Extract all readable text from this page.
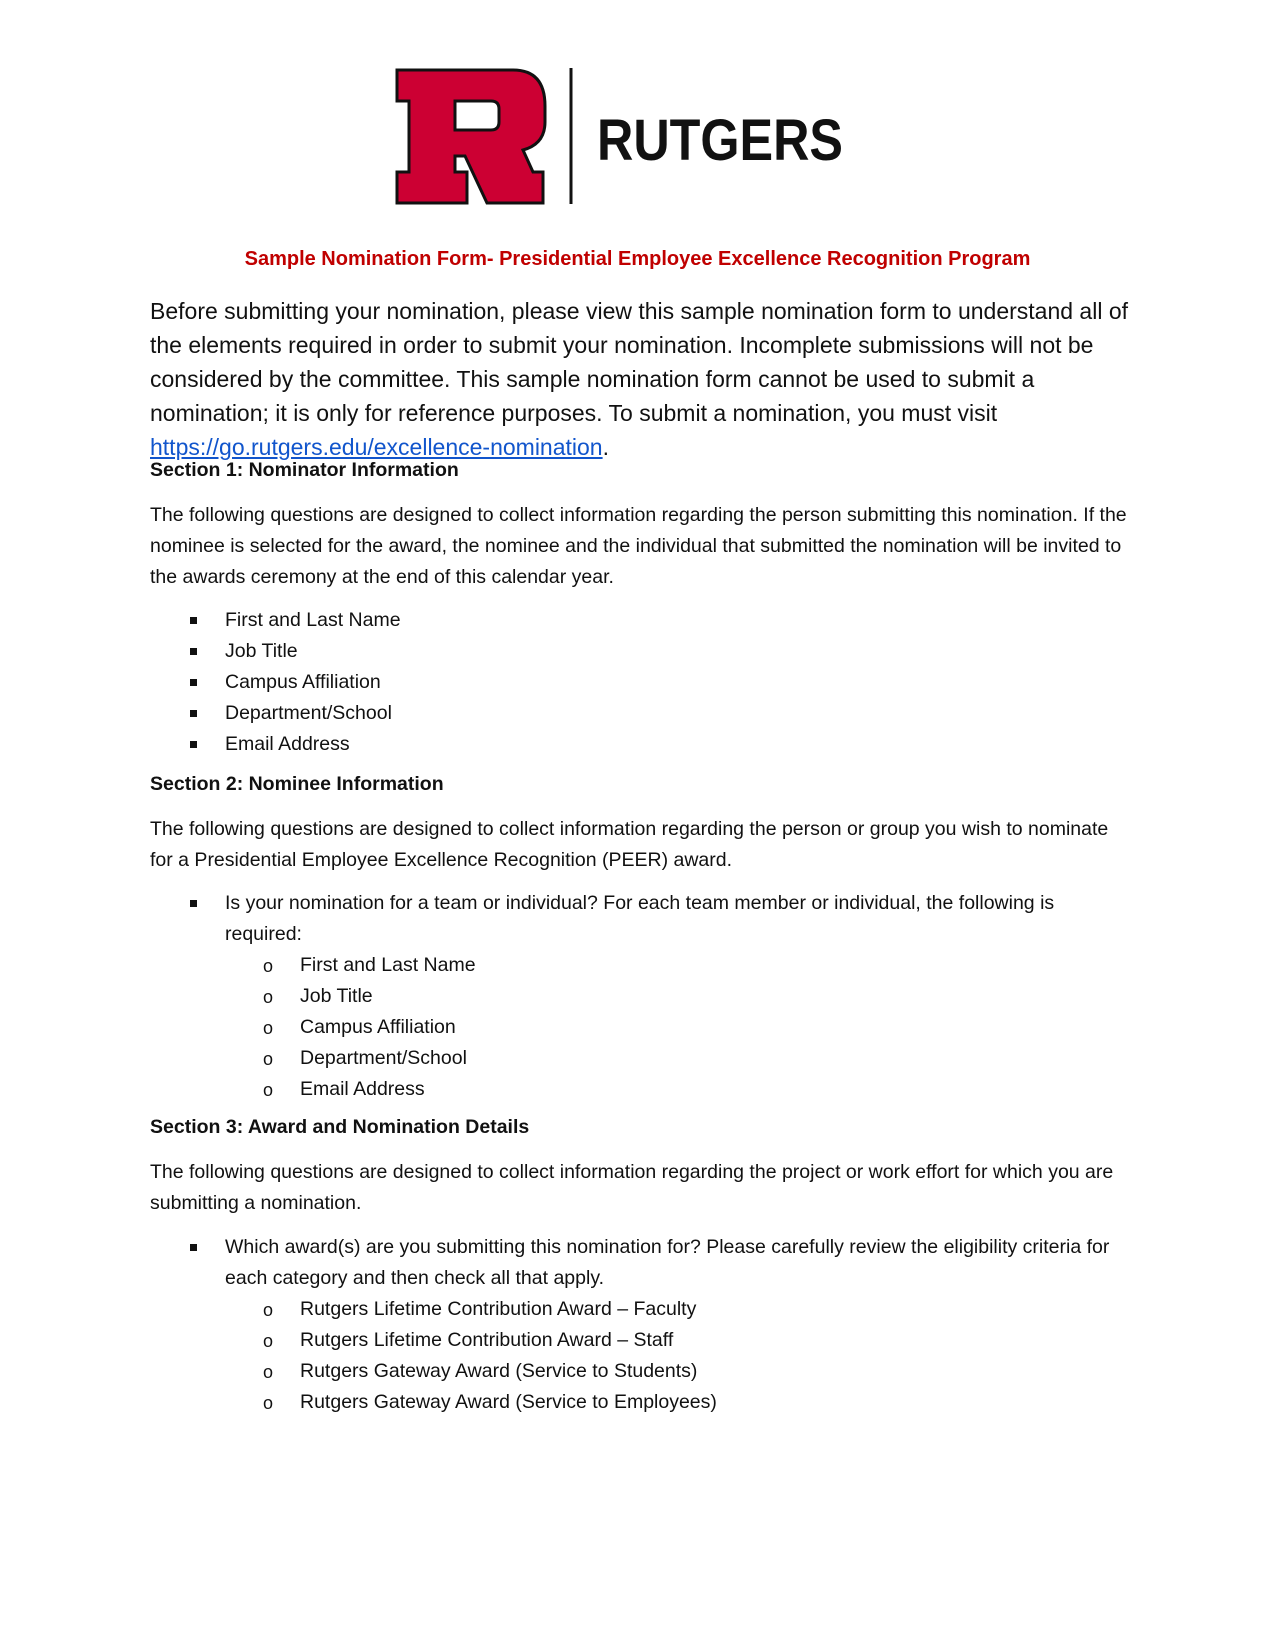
RUTGERS
Sample Nomination Form- Presidential Employee Excellence Recognition Program

Before submitting your nomination, please view this sample nomination form to understand all of the elements required in order to submit your nomination. Incomplete submissions will not be considered by the committee. This sample nomination form cannot be used to submit a nomination; it is only for reference purposes. To submit a nomination, you must visit https://go.rutgers.edu/excellence-nomination.

Section 1: Nominator Information

The following questions are designed to collect information regarding the person submitting this nomination. If the nominee is selected for the award, the nominee and the individual that submitted the nomination will be invited to the awards ceremony at the end of this calendar year.

First and Last Name
Job Title
Campus Affiliation
Department/School
Email Address
Section 2: Nominee Information

The following questions are designed to collect information regarding the person or group you wish to nominate for a Presidential Employee Excellence Recognition (PEER) award.

Is your nomination for a team or individual? For each team member or individual, the following is required:
o First and Last Name
o Job Title
o Campus Affiliation
o Department/School
o Email Address
Section 3: Award and Nomination Details

The following questions are designed to collect information regarding the project or work effort for which you are submitting a nomination.

Which award(s) are you submitting this nomination for? Please carefully review the eligibility criteria for each category and then check all that apply.
o Rutgers Lifetime Contribution Award – Faculty
o Rutgers Lifetime Contribution Award – Staff
o Rutgers Gateway Award (Service to Students)
o Rutgers Gateway Award (Service to Employees)
